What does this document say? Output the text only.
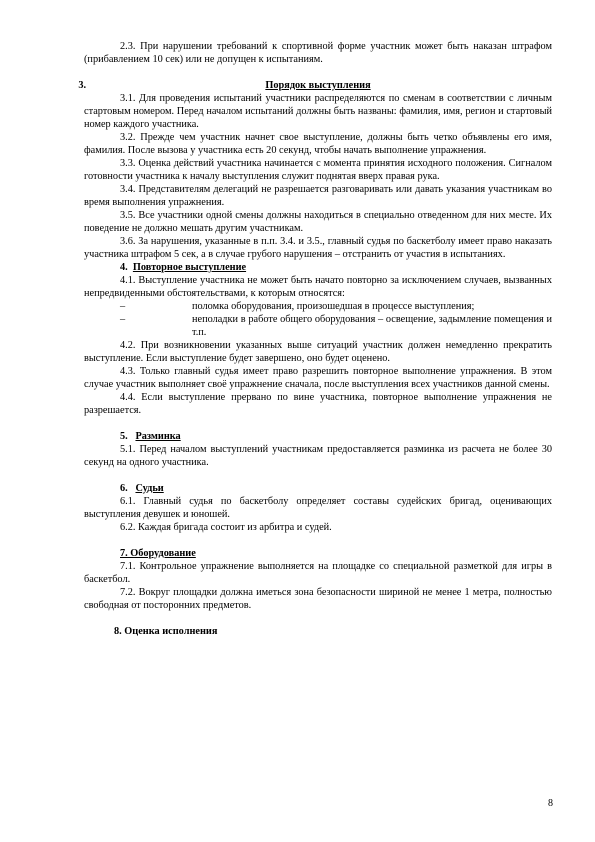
2.3. При нарушении требований к спортивной форме участник может быть наказан штрафом (прибавлением 10 сек) или не допущен к испытаниям.

3.	Порядок выступления

3.1. Для проведения испытаний участники распределяются по сменам в соответствии с личным стартовым номером. Перед началом испытаний должны быть названы: фамилия, имя, регион и стартовый номер каждого участника.

3.2. Прежде чем участник начнет свое выступление, должны быть четко объявлены его имя, фамилия. После вызова у участника есть 20 секунд, чтобы начать выполнение упражнения.

3.3. Оценка действий участника начинается с момента принятия исходного положения. Сигналом готовности участника к началу выступления служит поднятая вверх правая рука.

3.4. Представителям делегаций не разрешается разговаривать или давать указания участникам во время выполнения упражнения.

3.5. Все участники одной смены должны находиться в специально отведенном для них месте. Их поведение не должно мешать другим участникам.

3.6. За нарушения, указанные в п.п. 3.4. и 3.5., главный судья по баскетболу имеет право наказать участника штрафом 5 сек, а в случае грубого нарушения – отстранить от участия в испытаниях.

4. Повторное выступление

4.1. Выступление участника не может быть начато повторно за исключением случаев, вызванных непредвиденными обстоятельствами, к которым относятся:

–	поломка оборудования, произошедшая в процессе выступления;
–	неполадки в работе общего оборудования – освещение, задымление помещения и т.п.

4.2. При возникновении указанных выше ситуаций участник должен немедленно прекратить выступление. Если выступление будет завершено, оно будет оценено.

4.3. Только главный судья имеет право разрешить повторное выполнение упражнения. В этом случае участник выполняет своё упражнение сначала, после выступления всех участников данной смены.

4.4. Если выступление прервано по вине участника, повторное выполнение упражнения не разрешается.

5. Разминка

5.1. Перед началом выступлений участникам предоставляется разминка из расчета не более 30 секунд на одного участника.

6. Судьи

6.1. Главный судья по баскетболу определяет составы судейских бригад, оценивающих выступления девушек и юношей.

6.2. Каждая бригада состоит из арбитра и судей.

7. Оборудование

7.1. Контрольное упражнение выполняется на площадке со специальной разметкой для игры в баскетбол.

7.2. Вокруг площадки должна иметься зона безопасности шириной не менее 1 метра, полностью свободная от посторонних предметов.

8. Оценка исполнения

8
